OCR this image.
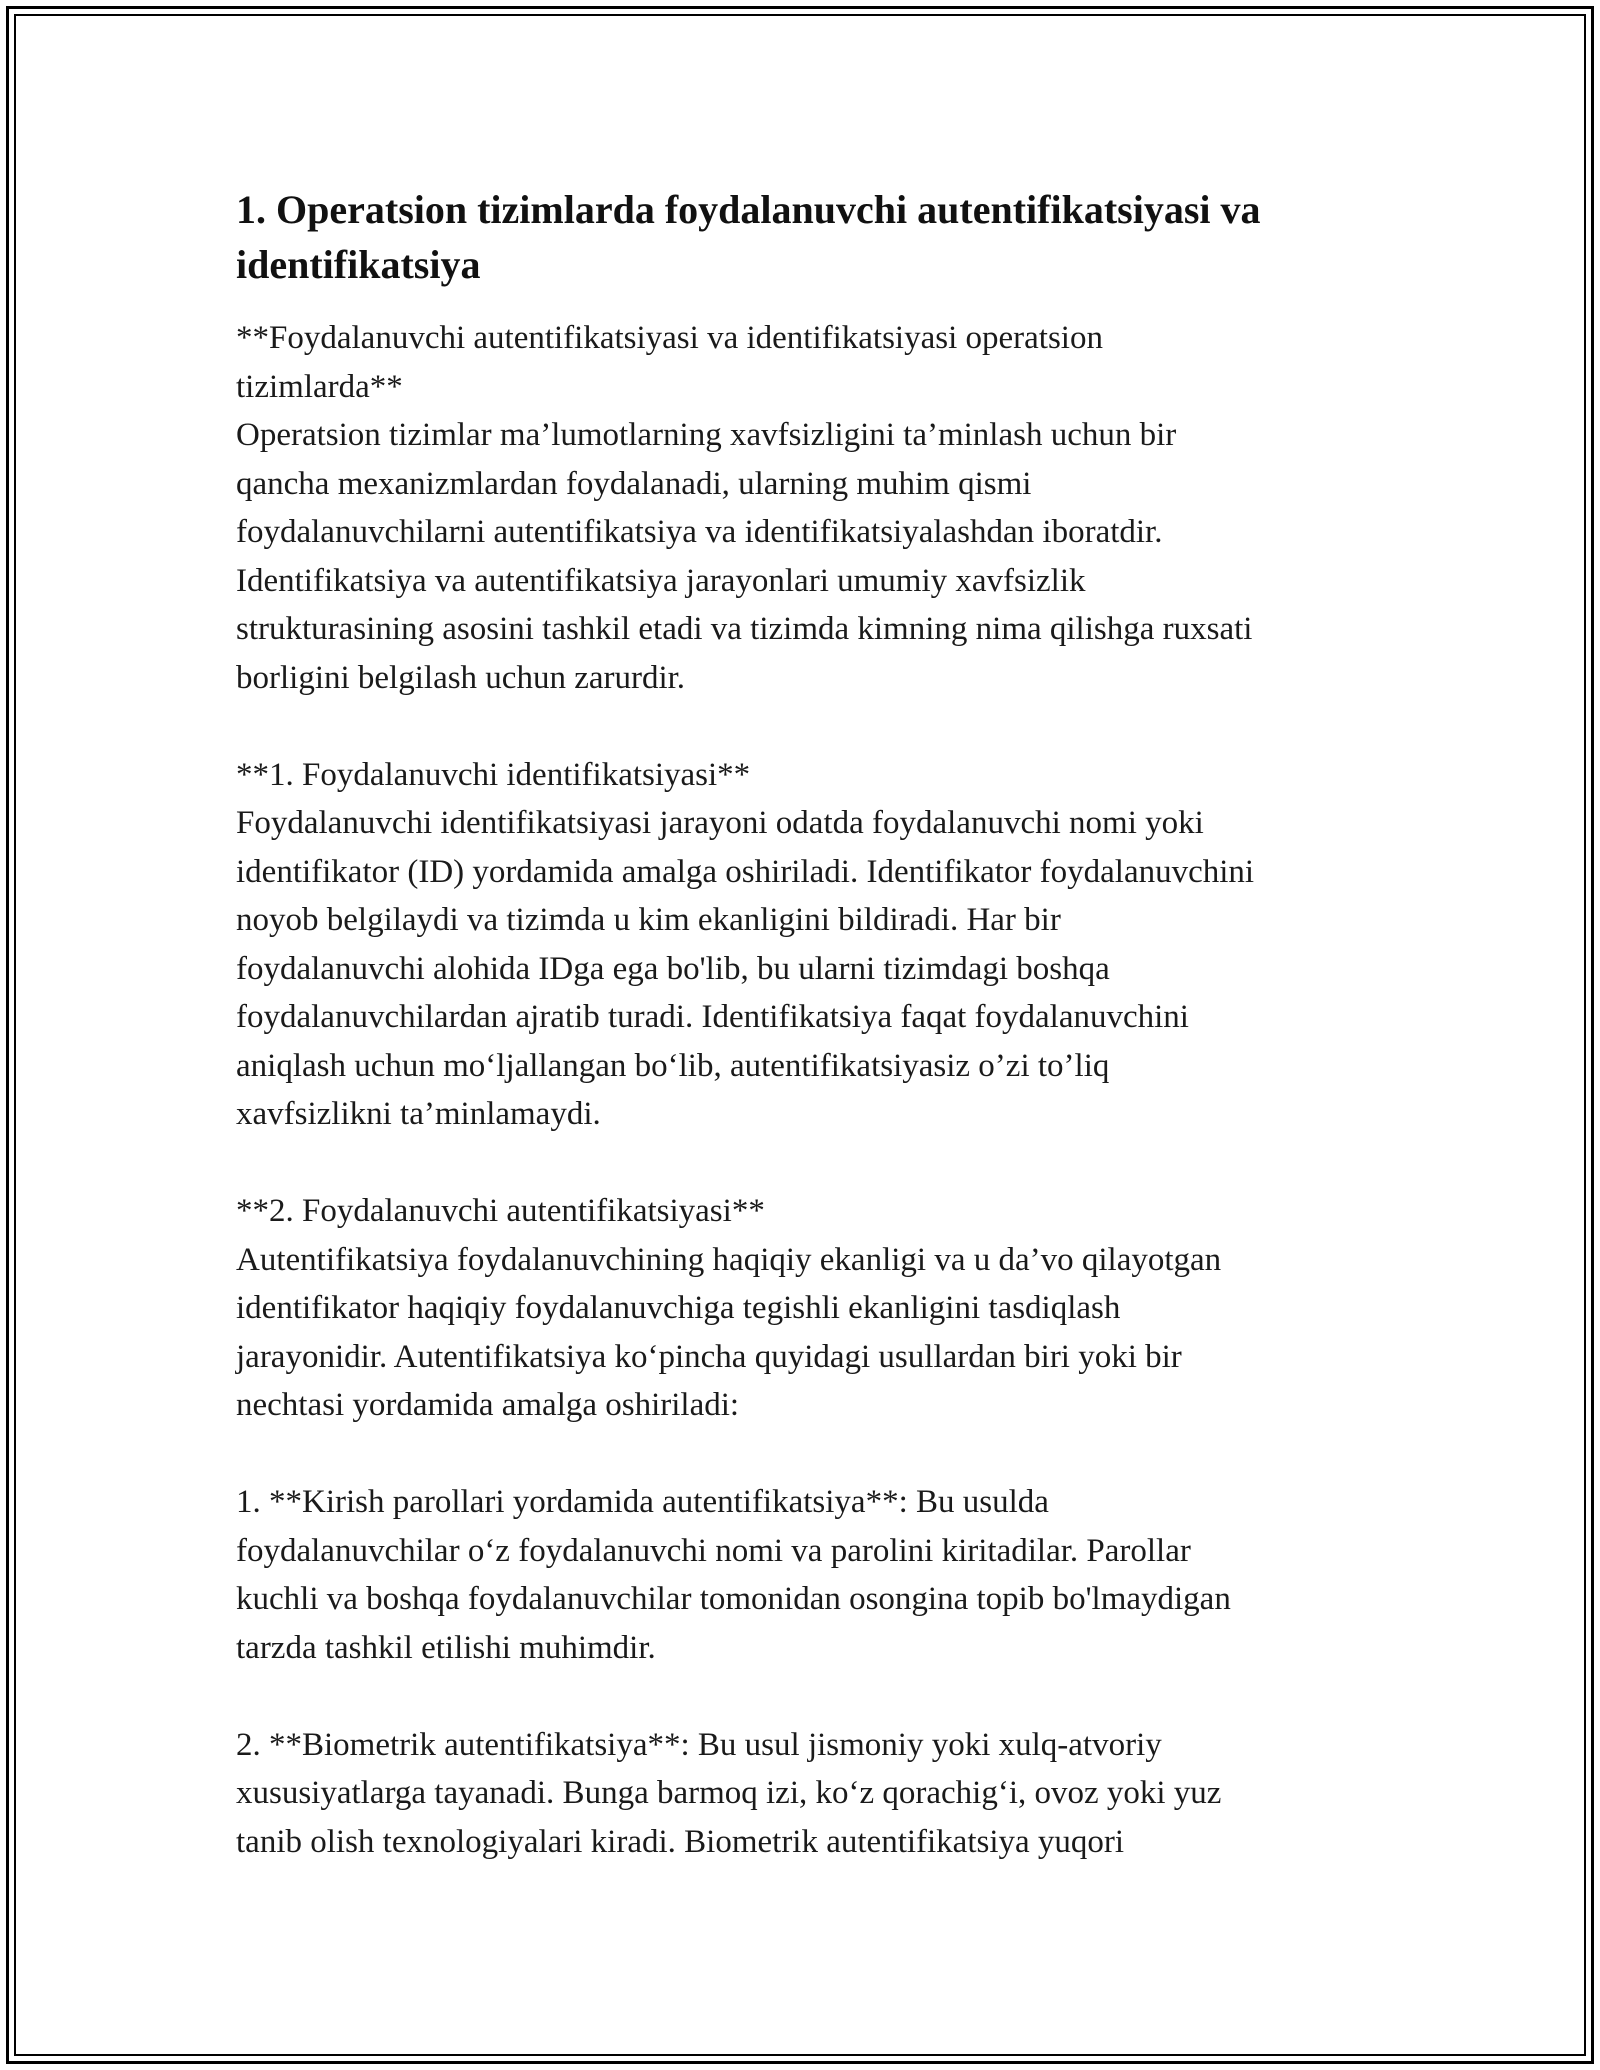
1. Operatsion tizimlarda foydalanuvchi autentifikatsiyasi va
identifikatsiya

**Foydalanuvchi autentifikatsiyasi va identifikatsiyasi operatsion

tizimlarda**

Operatsion tizimlar ma’lumotlarning xavfsizligini ta’minlash uchun bir

qancha mexanizmlardan foydalanadi, ularning muhim qismi

foydalanuvchilarni autentifikatsiya va identifikatsiyalashdan iboratdir.

Identifikatsiya va autentifikatsiya jarayonlari umumiy xavfsizlik

strukturasining asosini tashkil etadi va tizimda kimning nima qilishga ruxsati

borligini belgilash uchun zarurdir.

**1. Foydalanuvchi identifikatsiyasi**

Foydalanuvchi identifikatsiyasi jarayoni odatda foydalanuvchi nomi yoki

identifikator (ID) yordamida amalga oshiriladi. Identifikator foydalanuvchini

noyob belgilaydi va tizimda u kim ekanligini bildiradi. Har bir

foydalanuvchi alohida IDga ega bo'lib, bu ularni tizimdagi boshqa

foydalanuvchilardan ajratib turadi. Identifikatsiya faqat foydalanuvchini

aniqlash uchun mo‘ljallangan bo‘lib, autentifikatsiyasiz o’zi to’liq

xavfsizlikni ta’minlamaydi.

**2. Foydalanuvchi autentifikatsiyasi**

Autentifikatsiya foydalanuvchining haqiqiy ekanligi va u da’vo qilayotgan

identifikator haqiqiy foydalanuvchiga tegishli ekanligini tasdiqlash

jarayonidir. Autentifikatsiya ko‘pincha quyidagi usullardan biri yoki bir

nechtasi yordamida amalga oshiriladi:

1. **Kirish parollari yordamida autentifikatsiya**: Bu usulda

foydalanuvchilar o‘z foydalanuvchi nomi va parolini kiritadilar. Parollar

kuchli va boshqa foydalanuvchilar tomonidan osongina topib bo'lmaydigan

tarzda tashkil etilishi muhimdir.

2. **Biometrik autentifikatsiya**: Bu usul jismoniy yoki xulq-atvoriy

xususiyatlarga tayanadi. Bunga barmoq izi, ko‘z qorachig‘i, ovoz yoki yuz

tanib olish texnologiyalari kiradi. Biometrik autentifikatsiya yuqori
